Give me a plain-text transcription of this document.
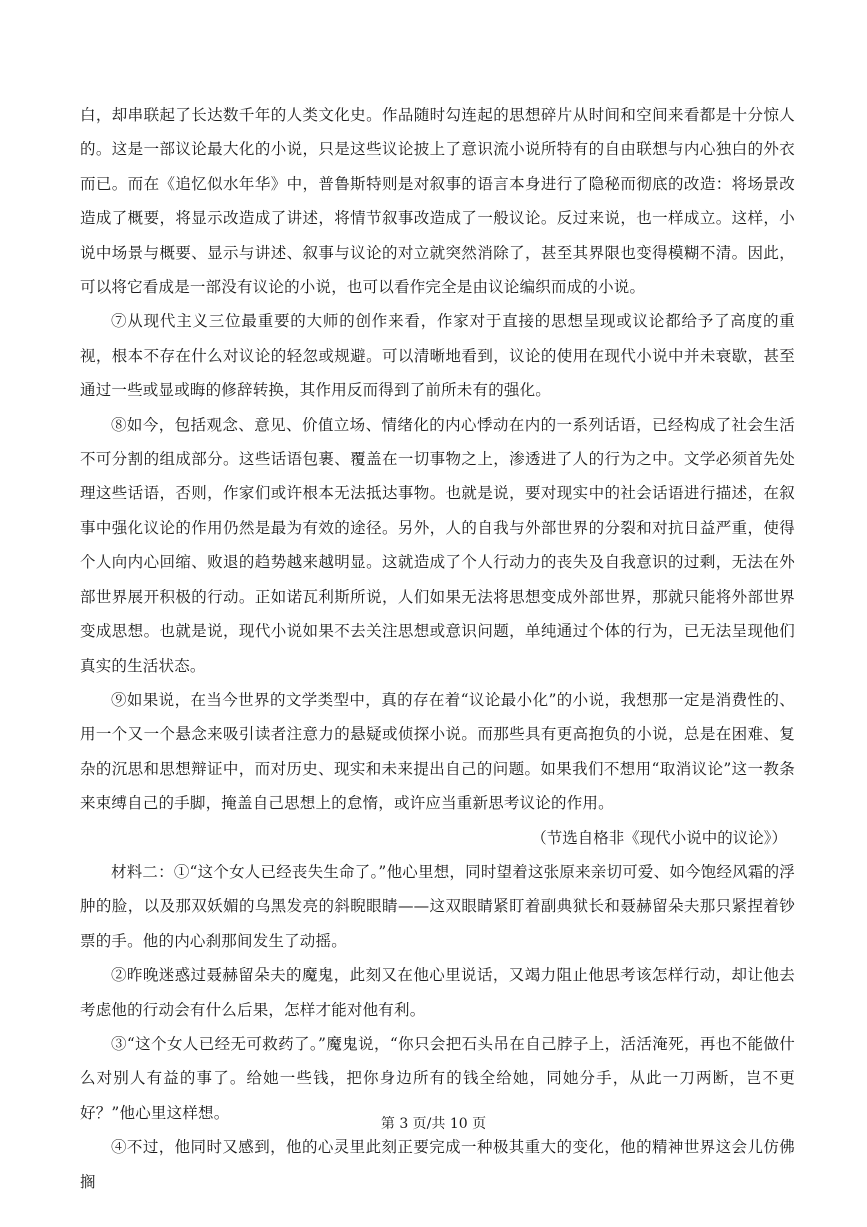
白，却串联起了长达数千年的人类文化史。作品随时勾连起的思想碎片从时间和空间来看都是十分惊人的。这是一部议论最大化的小说，只是这些议论披上了意识流小说所特有的自由联想与内心独白的外衣而已。而在《追忆似水年华》中，普鲁斯特则是对叙事的语言本身进行了隐秘而彻底的改造：将场景改造成了概要，将显示改造成了讲述，将情节叙事改造成了一般议论。反过来说，也一样成立。这样，小说中场景与概要、显示与讲述、叙事与议论的对立就突然消除了，甚至其界限也变得模糊不清。因此，可以将它看成是一部没有议论的小说，也可以看作完全是由议论编织而成的小说。

⑦从现代主义三位最重要的大师的创作来看，作家对于直接的思想呈现或议论都给予了高度的重视，根本不存在什么对议论的轻忽或规避。可以清晰地看到，议论的使用在现代小说中并未衰歇，甚至通过一些或显或晦的修辞转换，其作用反而得到了前所未有的强化。

⑧如今，包括观念、意见、价值立场、情绪化的内心悸动在内的一系列话语，已经构成了社会生活不可分割的组成部分。这些话语包裹、覆盖在一切事物之上，渗透进了人的行为之中。文学必须首先处理这些话语，否则，作家们或许根本无法抵达事物。也就是说，要对现实中的社会话语进行描述，在叙事中强化议论的作用仍然是最为有效的途径。另外，人的自我与外部世界的分裂和对抗日益严重，使得个人向内心回缩、败退的趋势越来越明显。这就造成了个人行动力的丧失及自我意识的过剩，无法在外部世界展开积极的行动。正如诺瓦利斯所说，人们如果无法将思想变成外部世界，那就只能将外部世界变成思想。也就是说，现代小说如果不去关注思想或意识问题，单纯通过个体的行为，已无法呈现他们真实的生活状态。

⑨如果说，在当今世界的文学类型中，真的存在着“议论最小化”的小说，我想那一定是消费性的、用一个又一个悬念来吸引读者注意力的悬疑或侦探小说。而那些具有更高抱负的小说，总是在困难、复杂的沉思和思想辩证中，而对历史、现实和未来提出自己的问题。如果我们不想用“取消议论”这一教条来束缚自己的手脚，掩盖自己思想上的怠惰，或许应当重新思考议论的作用。

（节选自格非《现代小说中的议论》）

材料二：①“这个女人已经丧失生命了。”他心里想，同时望着这张原来亲切可爱、如今饱经风霜的浮肿的脸，以及那双妖媚的乌黑发亮的斜睨眼睛——这双眼睛紧盯着副典狱长和聂赫留朵夫那只紧捏着钞票的手。他的内心刹那间发生了动摇。

②昨晚迷惑过聂赫留朵夫的魔鬼，此刻又在他心里说话，又竭力阻止他思考该怎样行动，却让他去考虑他的行动会有什么后果，怎样才能对他有利。

③“这个女人已经无可救药了。”魔鬼说，“你只会把石头吊在自己脖子上，活活淹死，再也不能做什么对别人有益的事了。给她一些钱，把你身边所有的钱全给她，同她分手，从此一刀两断，岂不更好？”他心里这样想。

④不过，他同时又感到，他的心灵里此刻正要完成一种极其重大的变化，他的精神世界这会儿仿佛搁

第 3 页/共 10 页
